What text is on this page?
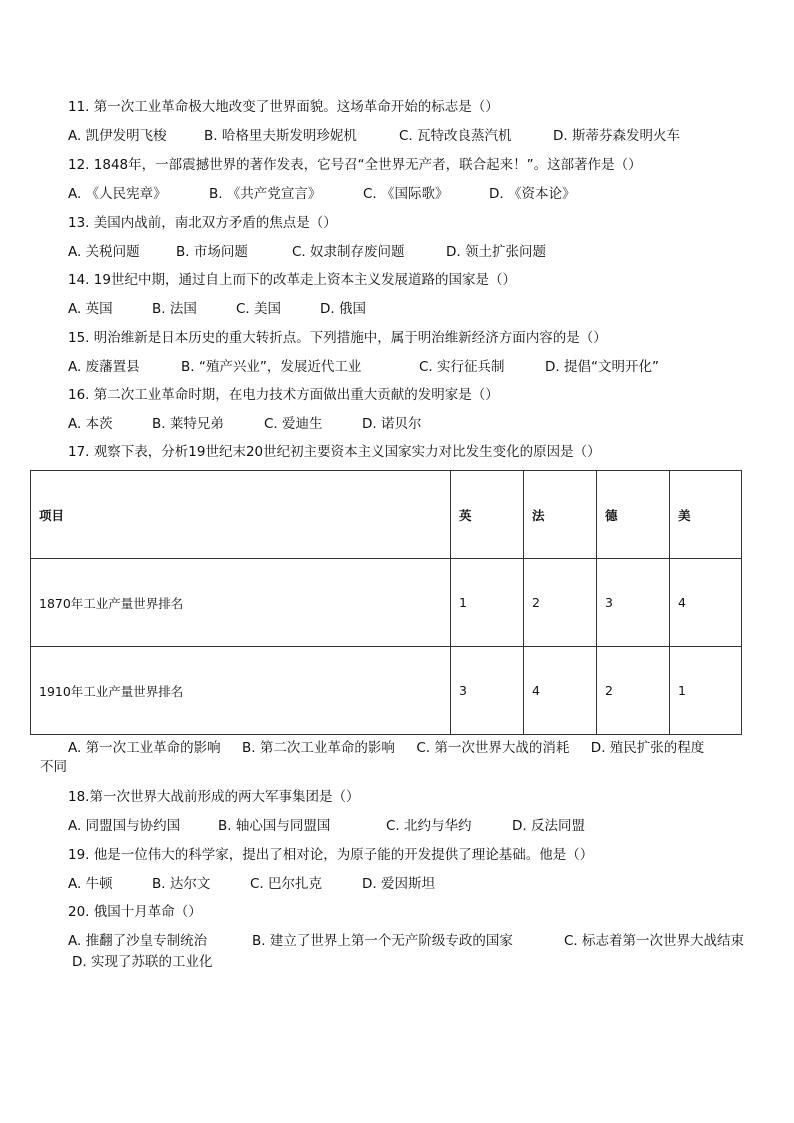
11. 第一次工业革命极大地改变了世界面貌。这场革命开始的标志是（）
A. 凯伊发明飞梭	B. 哈格里夫斯发明珍妮机	C. 瓦特改良蒸汽机	D. 斯蒂芬森发明火车
12. 1848年，一部震撼世界的著作发表，它号召“全世界无产者，联合起来！”。这部著作是（）
A. 《人民宪章》	B. 《共产党宣言》	C. 《国际歌》	D. 《资本论》
13. 美国内战前，南北双方矛盾的焦点是（）
A. 关税问题	B. 市场问题	C. 奴隶制存废问题	D. 领土扩张问题
14. 19世纪中期，通过自上而下的改革走上资本主义发展道路的国家是（）
A. 英国	B. 法国	C. 美国	D. 俄国
15. 明治维新是日本历史的重大转折点。下列措施中，属于明治维新经济方面内容的是（）
A. 废藩置县	B. “殖产兴业”，发展近代工业	C. 实行征兵制	D. 提倡“文明开化”
16. 第二次工业革命时期，在电力技术方面做出重大贡献的发明家是（）
A. 本茨	B. 莱特兄弟	C. 爱迪生	D. 诺贝尔
17. 观察下表，分析19世纪末20世纪初主要资本主义国家实力对比发生变化的原因是（）
项目	英	法	德	美
1870年工业产量世界排名	1	2	3	4
1910年工业产量世界排名	3	4	2	1
A. 第一次工业革命的影响     B. 第二次工业革命的影响     C. 第一次世界大战的消耗     D. 殖民扩张的程度
不同
18.第一次世界大战前形成的两大军事集团是（）
A. 同盟国与协约国	B. 轴心国与同盟国	C. 北约与华约	D. 反法同盟
19. 他是一位伟大的科学家，提出了相对论，为原子能的开发提供了理论基础。他是（）
A. 牛顿	B. 达尔文	C. 巴尔扎克	D. 爱因斯坦
20. 俄国十月革命（）
A. 推翻了沙皇专制统治	B. 建立了世界上第一个无产阶级专政的国家	C. 标志着第一次世界大战结束
D. 实现了苏联的工业化
